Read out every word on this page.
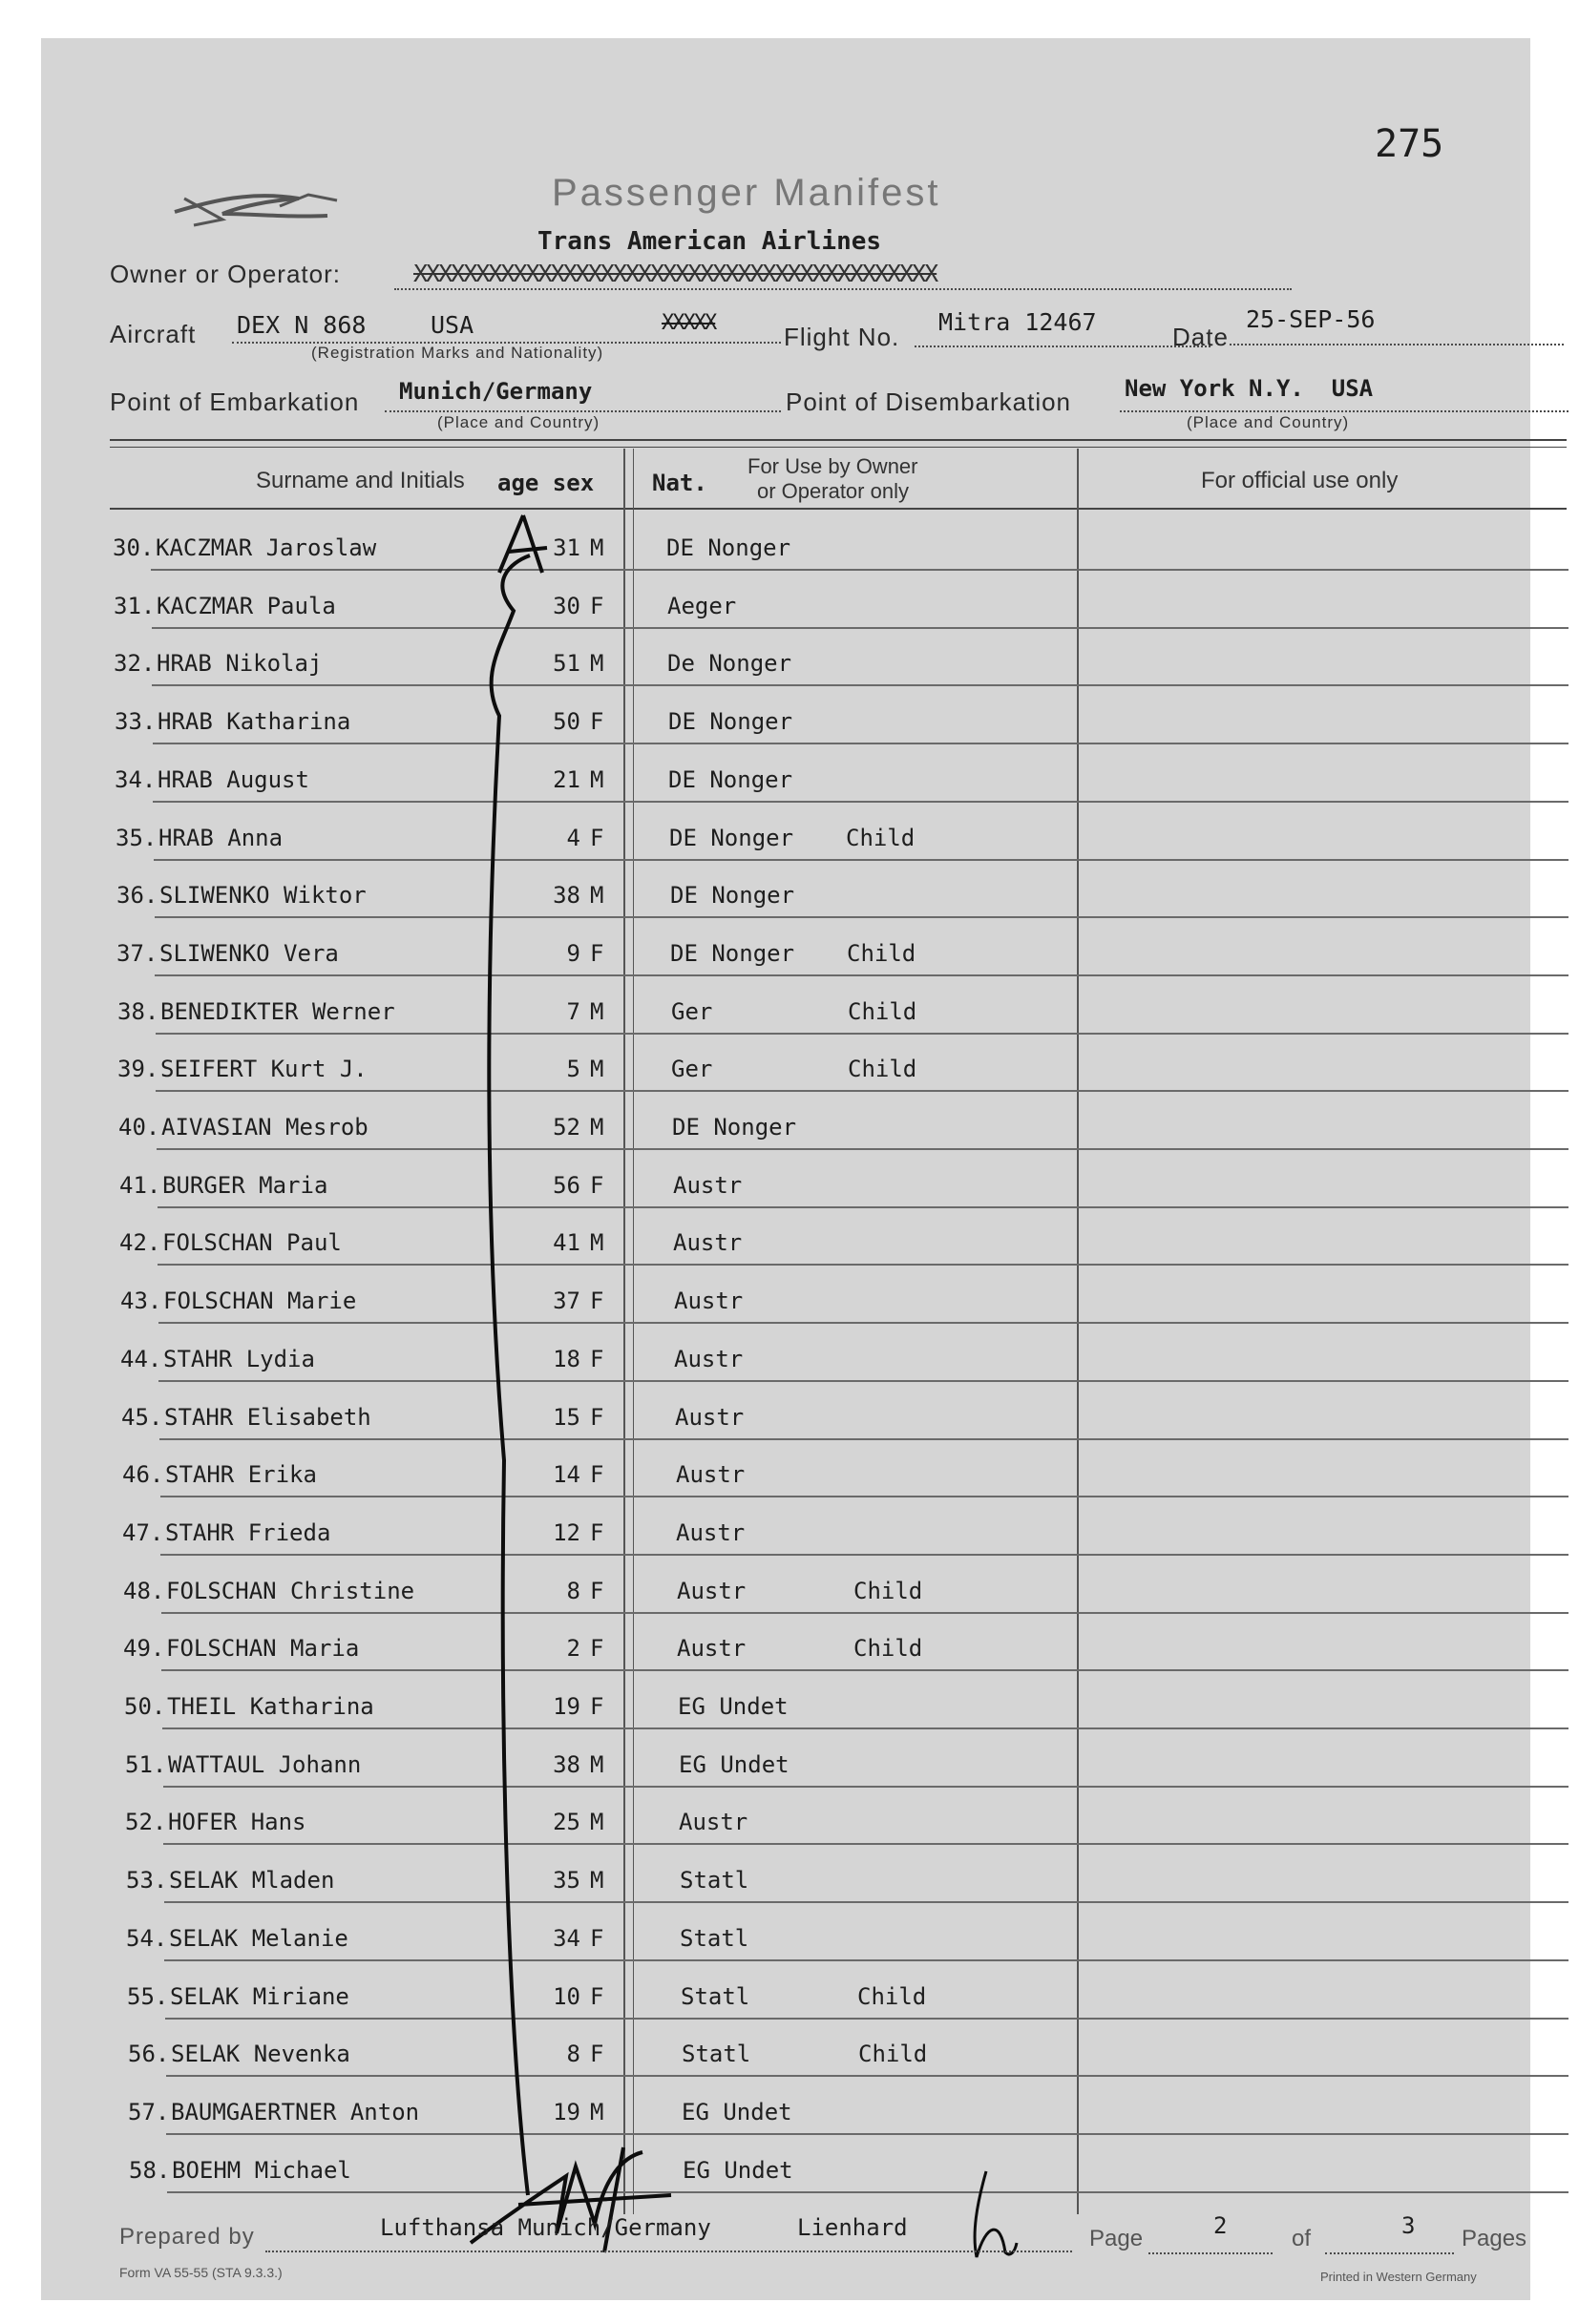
275
Passenger Manifest
Trans American Airlines
Owner or Operator:	XXXXXXXXXXXXXXXXXXXXXXXXXXXXXXXXXXXXXXXXXX
Aircraft DEX N 868	USA	XXXXX
(Registration Marks and Nationality)
Flight No.
Mitra 12467
Date
25-SEP-56
Point of Embarkation Munich/Germany
(Place and Country)
Point of Disembarkation New York N.Y.  USA
(Place and Country)
Surname and Initials age sex	Nat.
For Use by Owner
or Operator only	For official use only
30. KACZMAR Jaroslaw	31 M	DE Nonger
31. KACZMAR Paula	30 F	Aeger
32. HRAB Nikolaj	51 M	De Nonger
33. HRAB Katharina	50 F	DE Nonger
34. HRAB August	21 M	DE Nonger
35. HRAB Anna	4 F	DE Nonger Child
36. SLIWENKO Wiktor	38 M	DE Nonger
37. SLIWENKO Vera	9 F	DE Nonger Child
38. BENEDIKTER Werner	7 M	Ger	Child
39. SEIFERT Kurt J.	5 M	Ger	Child
40. AIVASIAN Mesrob	52 M	DE Nonger
41. BURGER Maria	56 F	Austr
42. FOLSCHAN Paul	41 M	Austr
43. FOLSCHAN Marie	37 F	Austr
44. STAHR Lydia	18 F	Austr
45. STAHR Elisabeth	15 F	Austr
46. STAHR Erika	14 F	Austr
47. STAHR Frieda	12 F	Austr
48. FOLSCHAN Christine	8 F	Austr	Child
49. FOLSCHAN Maria	2 F	Austr	Child
50. THEIL Katharina	19 F	EG Undet
51. WATTAUL Johann	38 M	EG Undet
52. HOFER Hans	25 M	Austr
53. SELAK Mladen	35 M	Statl
54. SELAK Melanie	34 F	Statl
55. SELAK Miriane	10 F	Statl	Child
56. SELAK Nevenka	8 F	Statl	Child
57. BAUMGAERTNER Anton	19 M	EG Undet
58. BOEHM Michael	EG Undet
Prepared by	Lufthansa Munich/Germany	Lienhard	Page	2	of	3 Pages
Form VA 55-55 (STA 9.3.3.)	Printed in Western Germany
